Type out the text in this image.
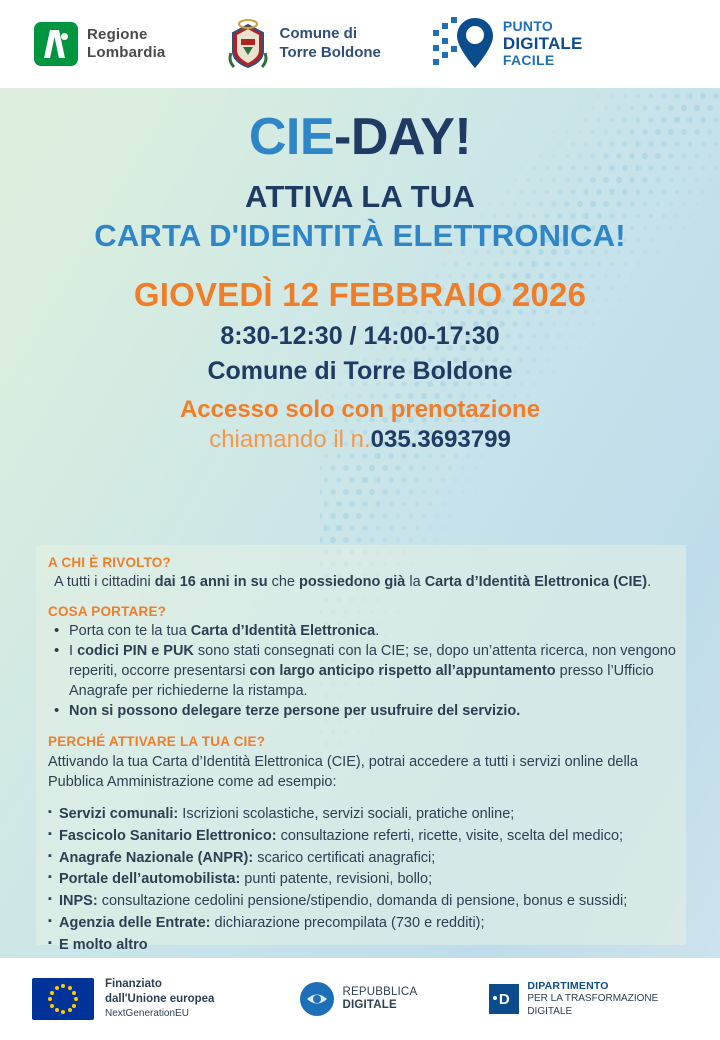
Regione
Lombardia
Comune di
Torre Boldone
PUNTO
DIGITALE
FACILE
CIE-DAY!
ATTIVA LA TUA
CARTA D'IDENTITÀ ELETTRONICA!
GIOVEDÌ 12 FEBBRAIO 2026
8:30-12:30 / 14:00-17:30
Comune di Torre Boldone
Accesso solo con prenotazione
chiamando il n.035.3693799
A CHI È RIVOLTO?
A tutti i cittadini dai 16 anni in su che possiedono già la Carta d’Identità Elettronica (CIE).
COSA PORTARE?
• Porta con te la tua Carta d’Identità Elettronica.
• I codici PIN e PUK sono stati consegnati con la CIE; se, dopo un’attenta ricerca, non vengono reperiti, occorre presentarsi con largo anticipo rispetto all’appuntamento presso l’Ufficio Anagrafe per richiederne la ristampa.
• Non si possono delegare terze persone per usufruire del servizio.
PERCHÉ ATTIVARE LA TUA CIE?
Attivando la tua Carta d’Identità Elettronica (CIE), potrai accedere a tutti i servizi online della Pubblica Amministrazione come ad esempio:
▪ Servizi comunali: Iscrizioni scolastiche, servizi sociali, pratiche online;
▪ Fascicolo Sanitario Elettronico: consultazione referti, ricette, visite, scelta del medico;
▪ Anagrafe Nazionale (ANPR): scarico certificati anagrafici;
▪ Portale dell’automobilista: punti patente, revisioni, bollo;
▪ INPS: consultazione cedolini pensione/stipendio, domanda di pensione, bonus e sussidi;
▪ Agenzia delle Entrate: dichiarazione precompilata (730 e redditi);
▪ E molto altro
Finanziato
dall'Unione europea
NextGenerationEU
REPUBBLICA
DIGITALE	D
DIPARTIMENTO
PER LA TRASFORMAZIONE
DIGITALE
